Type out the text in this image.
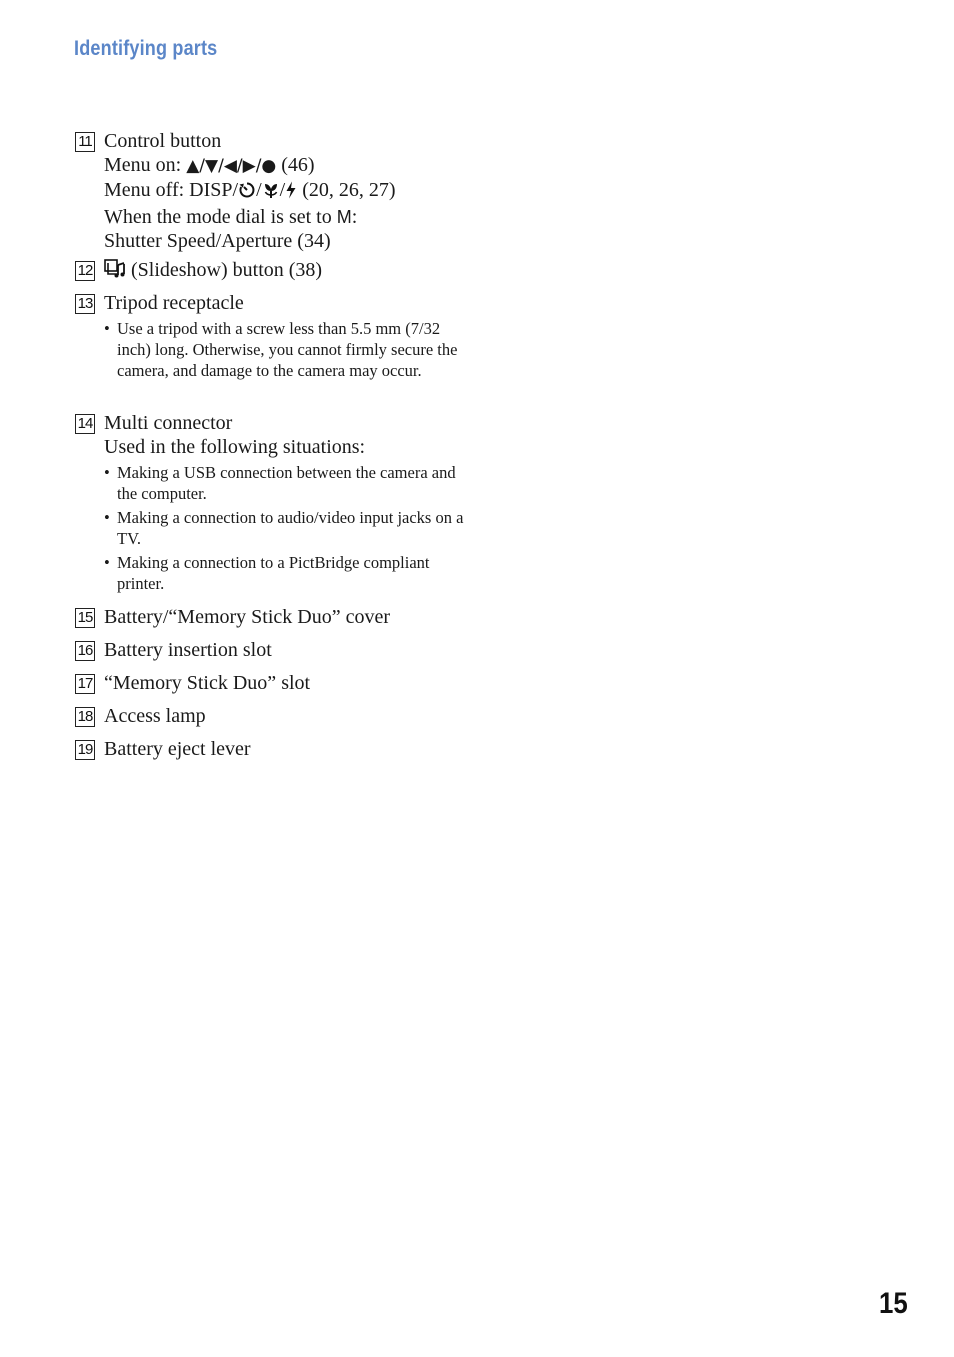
Identifying parts
11 Control button
Menu on: ▲/▼/◀/▶/● (46)
Menu off: DISP/ / / (20, 26, 27)
When the mode dial is set to M:
Shutter Speed/Aperture (34)
12	(Slideshow) button (38)
13 Tripod receptacle
• Use a tripod with a screw less than 5.5 mm (7/32 inch) long. Otherwise, you cannot firmly secure the camera, and damage to the camera may occur.
14 Multi connector
Used in the following situations:
• Making a USB connection between the camera and the computer.
• Making a connection to audio/video input jacks on a TV.
• Making a connection to a PictBridge compliant printer.
15 Battery/“Memory Stick Duo” cover
16 Battery insertion slot
17 “Memory Stick Duo” slot
18 Access lamp
19 Battery eject lever
15
